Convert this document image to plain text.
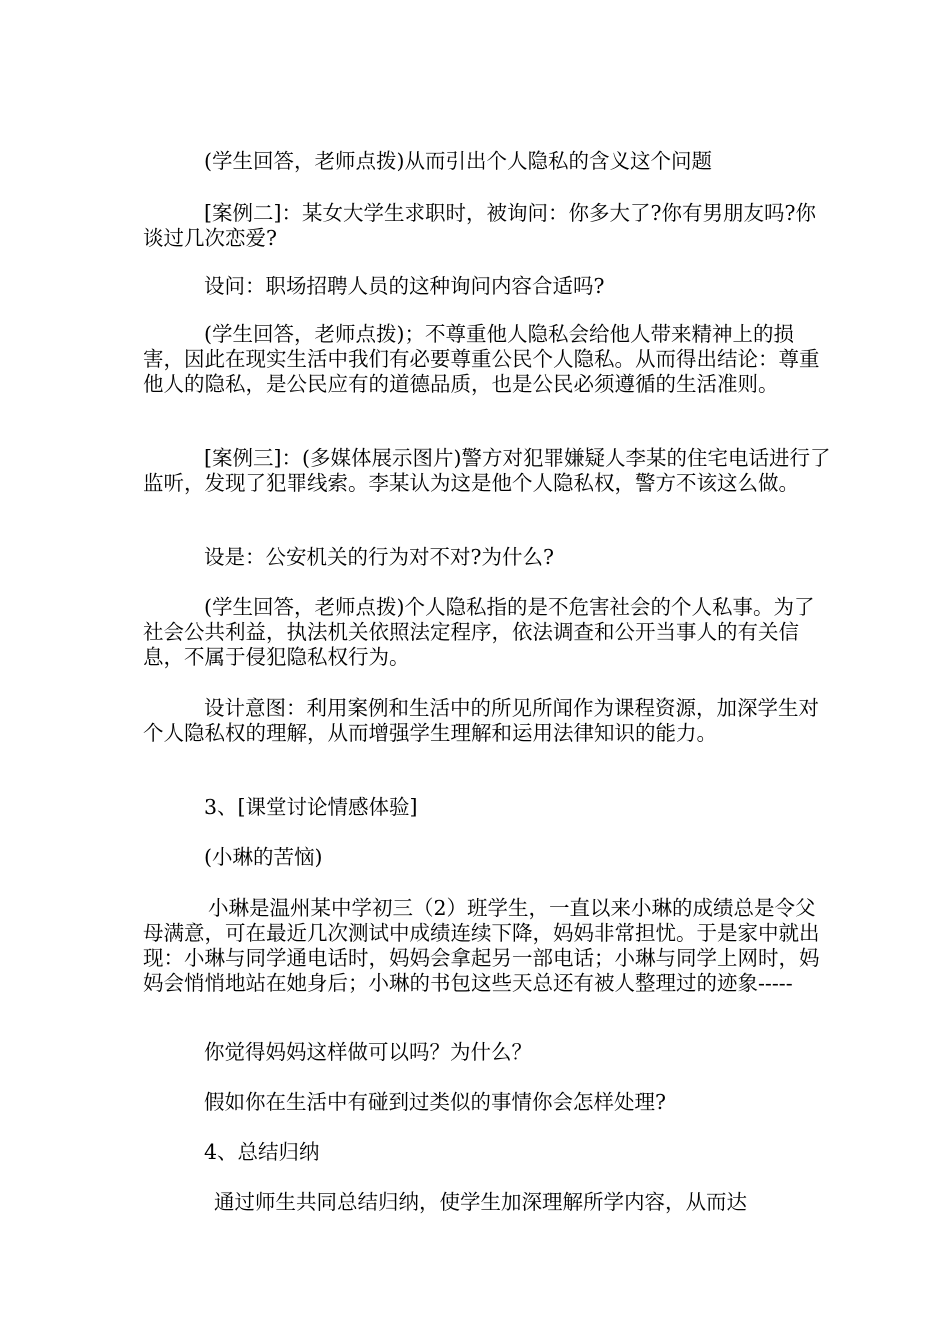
(学生回答，老师点拨)从而引出个人隐私的含义这个问题

[案例二]：某女大学生求职时，被询问：你多大了?你有男朋友吗?你谈过几次恋爱?

设问：职场招聘人员的这种询问内容合适吗?

(学生回答，老师点拨)；不尊重他人隐私会给他人带来精神上的损害，因此在现实生活中我们有必要尊重公民个人隐私。从而得出结论：尊重他人的隐私，是公民应有的道德品质，也是公民必须遵循的生活准则。

[案例三]：(多媒体展示图片)警方对犯罪嫌疑人李某的住宅电话进行了监听，发现了犯罪线索。李某认为这是他个人隐私权，警方不该这么做。

设是：公安机关的行为对不对?为什么?

(学生回答，老师点拨)个人隐私指的是不危害社会的个人私事。为了社会公共利益，执法机关依照法定程序，依法调查和公开当事人的有关信息，不属于侵犯隐私权行为。

设计意图：利用案例和生活中的所见所闻作为课程资源，加深学生对个人隐私权的理解，从而增强学生理解和运用法律知识的能力。

3、[课堂讨论情感体验]

(小琳的苦恼)

小琳是温州某中学初三（2）班学生，一直以来小琳的成绩总是令父母满意，可在最近几次测试中成绩连续下降，妈妈非常担忧。于是家中就出现：小琳与同学通电话时，妈妈会拿起另一部电话；小琳与同学上网时，妈妈会悄悄地站在她身后；小琳的书包这些天总还有被人整理过的迹象-----

你觉得妈妈这样做可以吗？为什么？

假如你在生活中有碰到过类似的事情你会怎样处理?

4、总结归纳

通过师生共同总结归纳，使学生加深理解所学内容，从而达
